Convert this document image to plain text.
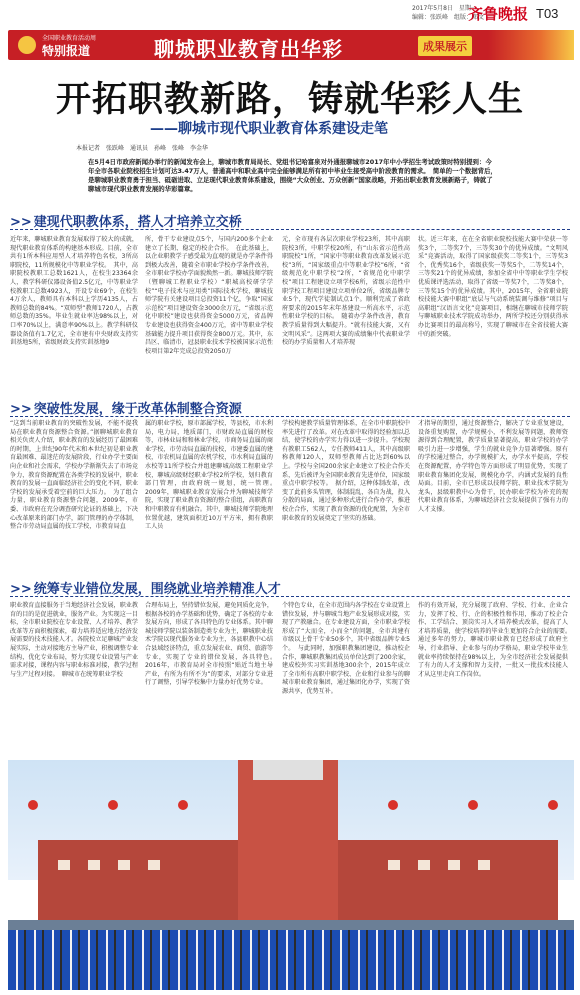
2017年5月8日　星期一
编辑：张跃峰　组版：郑文
齐鲁晚报 T03
全国职业教育活动周
特别报道	聊城职业教育出华彩	成果展示
开拓职教新路，铸就华彩人生
——聊城市现代职业教育体系建设走笔
本报记者　张跃峰　通讯员　孙峰　张峰　李金华
在5月4日市政府新闻办举行的新闻发布会上，聊城市教育局局长、党组书记哈富泉对外通报聊城市2017年中小学招生考试政策时特别提到：今年全市各职业院校招生计划可达3.47万人，普通高中和职业高中完全能够满足所有初中毕业生接受高中阶段教育的需求。　简单的一个数据背后，是聊城职业教育勇于担当、砥砺进取、立足现代职业教育体系建设，围绕“大众创业、万众创新”国家战略，开拓出职业教育发展新路子，铸就了聊城市现代职业教育发展的华彩篇章。
>> 建现代职教体系，搭人才培养立交桥
近年来，聊城职业教育发展取得了较大的成就，现代职业教育体系的构建基本形成。目前，全市共有1所本科应用型人才培养特色名校，3所高职院校，11所规模化中等职业学校。　其中，高职院校教职工总数1621人，在校生23364余人，教学科研仪器设备值2.5亿元，中等职业学校教职工总数4923人，开设专业69个，在校生4万余人，教师具有本科以上学历4135人，占教师总数的84%。“双师型”教师1720人，占教师总数的35%。毕业生就业率达98%以上，对口率70%以上，满意率90%以上。教学科研仪器设备值有1.7亿元，全市建有中央财政支持实训基地5所，省级财政支持实训基地9
所，骨干专业建设点5个，与国内200多个企业建立了长期、稳定的校企合作。　在此基础上，以企业职教学子感受最为直观的就是办学条件得到极大改善，随着全市职业学校办学条件改善，全市职业学校办学面貌焕然一新。聊城技师学院（暨聊城工程职业学校）“职城高校研学学校”“电子技术与应用类”国际技术学校，聊城技师学院有关建设项目总投资11个亿，争取“国家示范校”项目建设资金3000余万元，“省级示范化中职校”建设也获得资金5000万元，省品牌专业建设也获得资金400万元，省中等职业学校基础能力提升项目获得资金800万元。其中，东昌区、临清市，冠县职业技术学校被国家示范性校项目第2年完成总投资2050万
元，全市现有各层次职业学校23所，其中高职院校3所，中职学校20所，有“山东省示范性高职院校”1所，“国家中等职业教育改革发展示范校”3所，“国家级重点中等职业学校”6所，“省级规范化中职学校”2所，“省规范化中职学校”项目工程建设立项学校6所，省级示范性中职学校工程项目建设立项单位2所，省级品牌专业5个，现代学徒制试点1个。顺利完成了省政府要求的2015年末年基建设一所高水平，示范性职业学校的目标。　随着办学条件改善，教育教学质量得到大幅提升。“就有技能大赛，又有文明风采”。这两项大赛的成绩集中代表职业学校的办学质量和人才培养现
状。近三年来，在在全省职业院校技能大赛中荣获一等奖3个，二等奖7个，三等奖30个的优异成绩。“文明风采”竞赛活动，取得了国家级获奖二等奖1个，三等奖3个，优秀奖16个，省级获奖一等奖5个，二等奖14个，三等奖21个的优异成绩，参加全省中中等职业学生学校优质课评选活动，取得了省级一等奖7个，二等奖8个，三等奖15个的优异成绩。其中，2015年，全省职业院校技能大赛中职组“底层与气动系统装调与维修”项目与高职组“汉语言文化”竞赛项目，相继在聊城市技师学院与聊城职业技术学院成功举办，两所学校还分别获得承办比赛项目的最高称号，实现了聊城市在全省技能大赛中的新突破。
>> 突破性发展，缘于改革体制整合资源
“这到当前职业教育的突破性发展，不能不提我局在职业教育资源整合资源。”据聊城职业教育相关负责人介绍，职业教育的发展经历了最困难的时期，上世纪90年代末和本世纪初是职业教育最困难、最迷茫的发展阶段，行业办学主要面向企业和社会需求，学校办学渐渐失去了市场竞争力，教育资源配置在各类学校的发展中，职业教育的发展一直面临经济社会的变化不同，职业学校的发展承受着空前的巨大压力。　为了组合力量，职业教育资源整合问题，2009年，市委、市政府在充分调查研究论证的基础上，下决心改革原来的部门办学，部门管理的办学体制，整合市劳动局直属的技工学校，市教育局直
属的职业学校，原市部属学校，等县校，市水利局，电力局，地质部门，市财政局直属的财校等，市林业局和和林业学校，市商务局直属的商业学校，市劳动局直属的技校，市建委直属的建校，市农机局直属的农机学校，市水利局直属的水校等11所学校合并组建聊城高级工程职业学校，聊城高级财经职业学校2所学校，划归教育部门管理，由政府统一规划，统一管理。　2009年，聊城职业教育发展合并为聊城技师学院，实现了职业教育资源的整合重组，高职教育和中职教育有机融合。其中，聊城技师学院地理位置优越，建筑面积近10万平方米，拥有教职工人员
学校构建教学质量管理体系，在全市中职院校中率先进行了改革。对在改革中取得的经验加以总结，使学校的办学实力得以进一步提升。学校现有教职工562人，专任教师411人，其中高级职称教师120人，双师型教师占比达到60%以上。学校与全国200余家企业建立了校企合作关系，先后被评为全国职业教育先进单位，国家级重点中职学校等。　据介绍，这种体制改革，改变了此前多头管理，体制混乱，各自为战，投入分散的局面，通过多种形式进行合作办学，推进校企合作，实现了教育资源的优化配置，为全市职业教育的发展奠定了坚实的基础。
才指导的期望，通过资源整合，解决了专业重复建设，设备重复购置，办学规模小，不利发展等问题，教师资源得到合理配置，教学质量显著提高，职业学校的办学吸引力进一步增强，学生的就业竞争力显著增强。原有的学校通过整合，办学规模扩大，办学水平提高，学校在资源配置，办学特色等方面形成了明显优势，实现了职业教育集团化发展，规模化办学，内涵式发展的良性局面。目前，全市已形成以技师学院、职业技术学院为龙头，县级职教中心为骨干，民办职业学校为补充的现代职业教育体系，为聊城经济社会发展提供了强有力的人才支撑。
>> 统筹专业错位发展，围绕就业培养精准人才
职业教育直接服务于当地经济社会发展，职业教育的目的是促进就业，服务产业。为实现这一目标，全市职业院校在专业设置、人才培养、教学改革等方面积极探索，着力培养适应地方经济发展需要的技术技能人才。各院校立足聊城产业发展实际，主动对接地方主导产业，积极调整专业结构，优化专业布局，努力实现专业设置与产业需求对接，课程内容与职业标准对接，教学过程与生产过程对接。　聊城市在统筹职业学校
合理布局上，坚持错位发展，避免同质化竞争，根据各校的办学基础和优势，确定了各校的专业发展方向，形成了各具特色的专业体系。其中聊城技师学院以装备制造类专业为主，聊城职业技术学院以现代服务业专业为主，各县职教中心结合县域经济特点，重点发展农业、商贸、旅游等专业，实现了专业的错位发展，各具特色。　2016年，市教育局对全市按照“贴近当地主导产业，有所为有所不为”的要求，对部分专业进行了调整，引导学校集中力量办好优势专业。
个特色专业，在全市范围内各学校在专业设置上错位发展，并与聊城当地产业发展形成对接，实现了产教融合。在专业建设方面，全市职业学校形成了“大而全，小而全”的问题，全市共建有市级以上骨干专业50多个，其中省级品牌专业5个。　与此同时，加强职教集团建设，推动校企合作，聊城职教集团成员单位达到了200余家，建成校外实习实训基地300余个，2015年成立了全市所有高职中职学校、企业和行业参与的聊城市职业教育集团，通过集团化办学，实现了资源共享，优势互补。
作的有效开展，充分展现了政府、学校、行业、企业合力，发挥了校、行、企的积极性和作用，推动了校企合作、工学结合、顶岗实习人才培养模式改革，提高了人才培养质量，使学校培养的毕业生更加符合企业的需要。　通过多年的努力，聊城市职业教育已经形成了政府主导、行业指导、企业参与的办学格局，职业学校毕业生就业率持续保持在98%以上，为全市经济社会发展提供了有力的人才支撑和智力支持，一批又一批技术技能人才从这里走向工作岗位。
